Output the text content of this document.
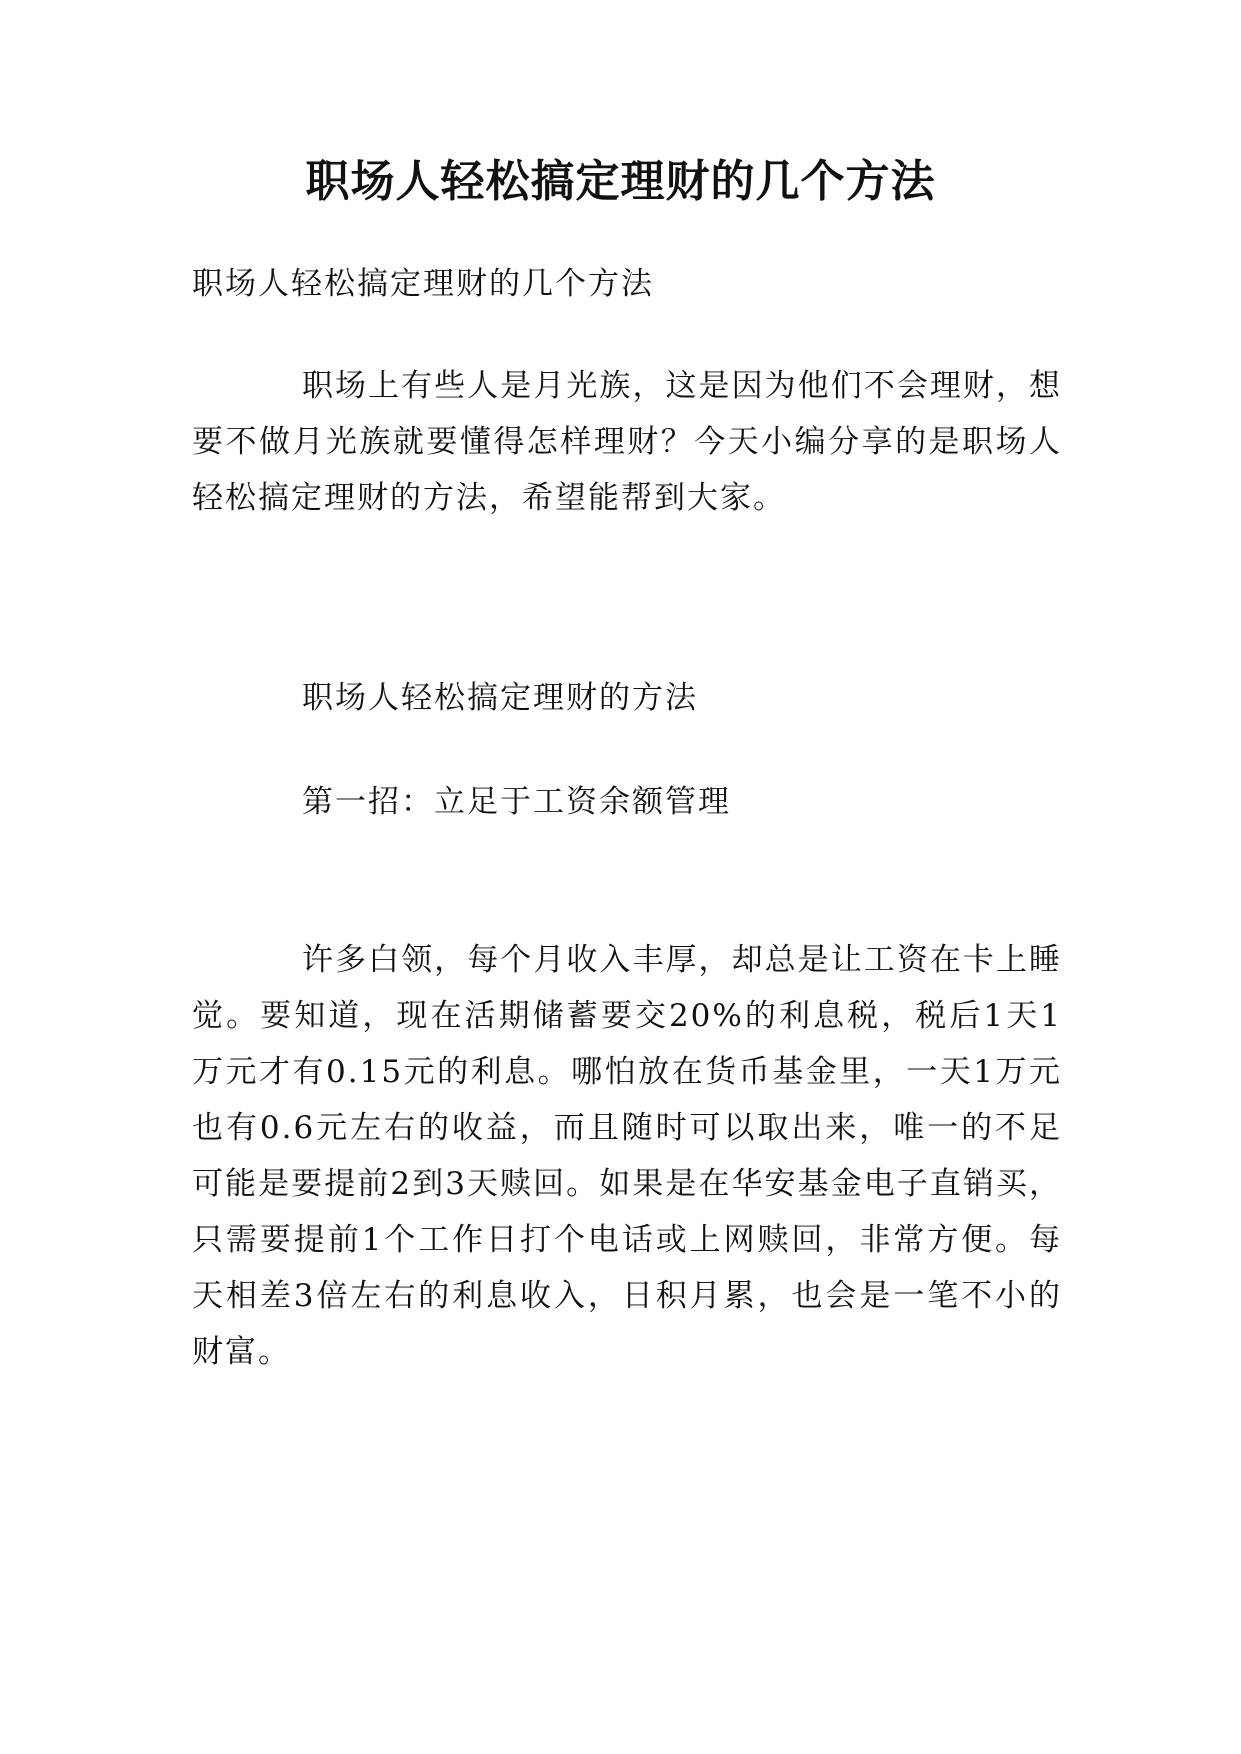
职场人轻松搞定理财的几个方法

职场人轻松搞定理财的几个方法

职场上有些人是月光族，这是因为他们不会理财，想要不做月光族就要懂得怎样理财？今天小编分享的是职场人轻松搞定理财的方法，希望能帮到大家。

职场人轻松搞定理财的方法

第一招：立足于工资余额管理

许多白领，每个月收入丰厚，却总是让工资在卡上睡觉。要知道，现在活期储蓄要交20%的利息税，税后1天1万元才有0.15元的利息。哪怕放在货币基金里，一天1万元也有0.6元左右的收益，而且随时可以取出来，唯一的不足可能是要提前2到3天赎回。如果是在华安基金电子直销买，只需要提前1个工作日打个电话或上网赎回，非常方便。每天相差3倍左右的利息收入，日积月累，也会是一笔不小的财富。
